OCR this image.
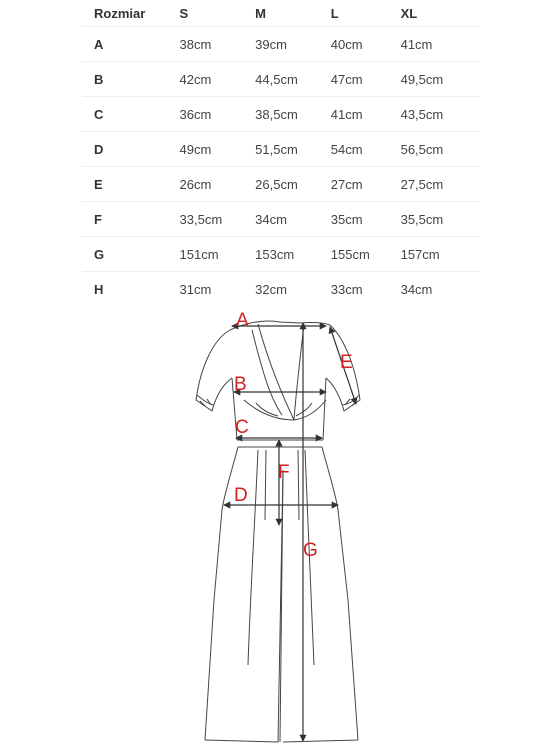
Rozmiar	S	M	L	XL
A	38cm	39cm	40cm	41cm
B	42cm	44,5cm	47cm	49,5cm
C	36cm	38,5cm	41cm	43,5cm
D	49cm	51,5cm	54cm	56,5cm
E	26cm	26,5cm	27cm	27,5cm
F	33,5cm	34cm	35cm	35,5cm
G	151cm	153cm	155cm	157cm
H	31cm	32cm	33cm	34cm
A
B
C
D
E
F
G
